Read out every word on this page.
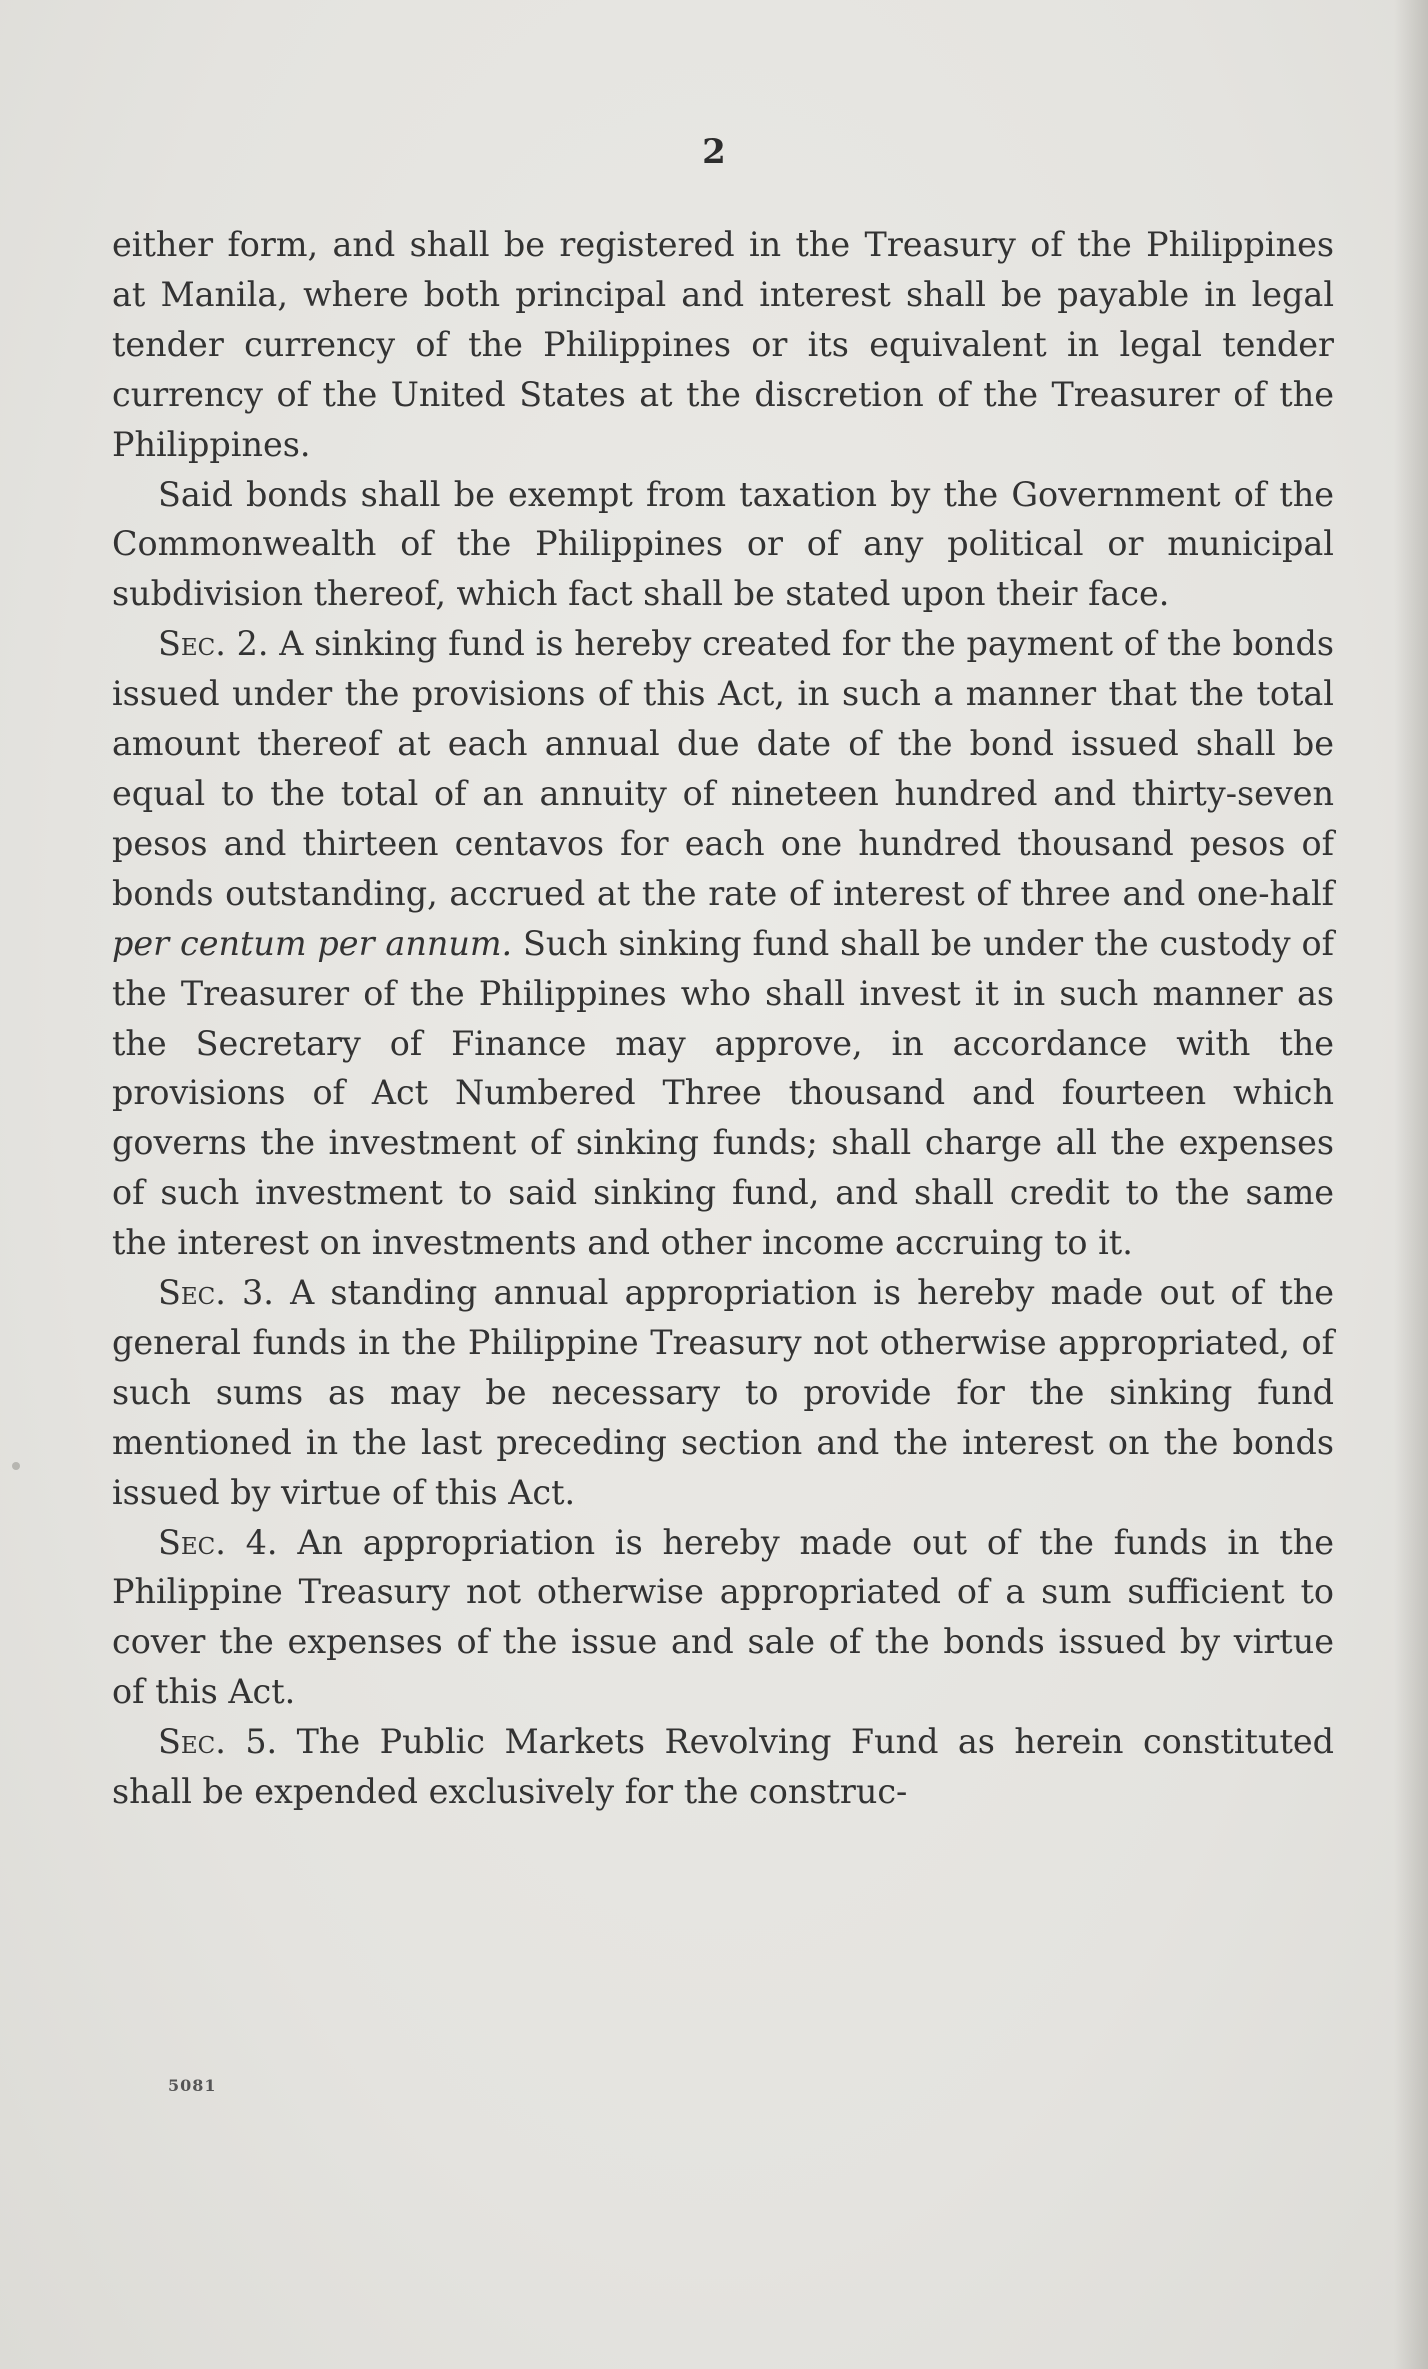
2

either form, and shall be registered in the Treasury of the Philippines at Manila, where both principal and interest shall be payable in legal tender currency of the Philippines or its equivalent in legal tender currency of the United States at the discretion of the Treasurer of the Philippines.

Said bonds shall be exempt from taxation by the Government of the Commonwealth of the Philippines or of any political or municipal subdivision thereof, which fact shall be stated upon their face.

Sec. 2. A sinking fund is hereby created for the payment of the bonds issued under the provisions of this Act, in such a manner that the total amount thereof at each annual due date of the bond issued shall be equal to the total of an annuity of nineteen hundred and thirty-seven pesos and thirteen centavos for each one hundred thousand pesos of bonds outstanding, accrued at the rate of interest of three and one-half per centum per annum. Such sinking fund shall be under the custody of the Treasurer of the Philippines who shall invest it in such manner as the Secretary of Finance may approve, in accordance with the provisions of Act Numbered Three thousand and fourteen which governs the investment of sinking funds; shall charge all the expenses of such investment to said sinking fund, and shall credit to the same the interest on investments and other income accruing to it.

Sec. 3. A standing annual appropriation is hereby made out of the general funds in the Philippine Treasury not otherwise appropriated, of such sums as may be necessary to provide for the sinking fund mentioned in the last preceding section and the interest on the bonds issued by virtue of this Act.

Sec. 4. An appropriation is hereby made out of the funds in the Philippine Treasury not otherwise appropriated of a sum sufficient to cover the expenses of the issue and sale of the bonds issued by virtue of this Act.

Sec. 5. The Public Markets Revolving Fund as herein constituted shall be expended exclusively for the construc-

5081
